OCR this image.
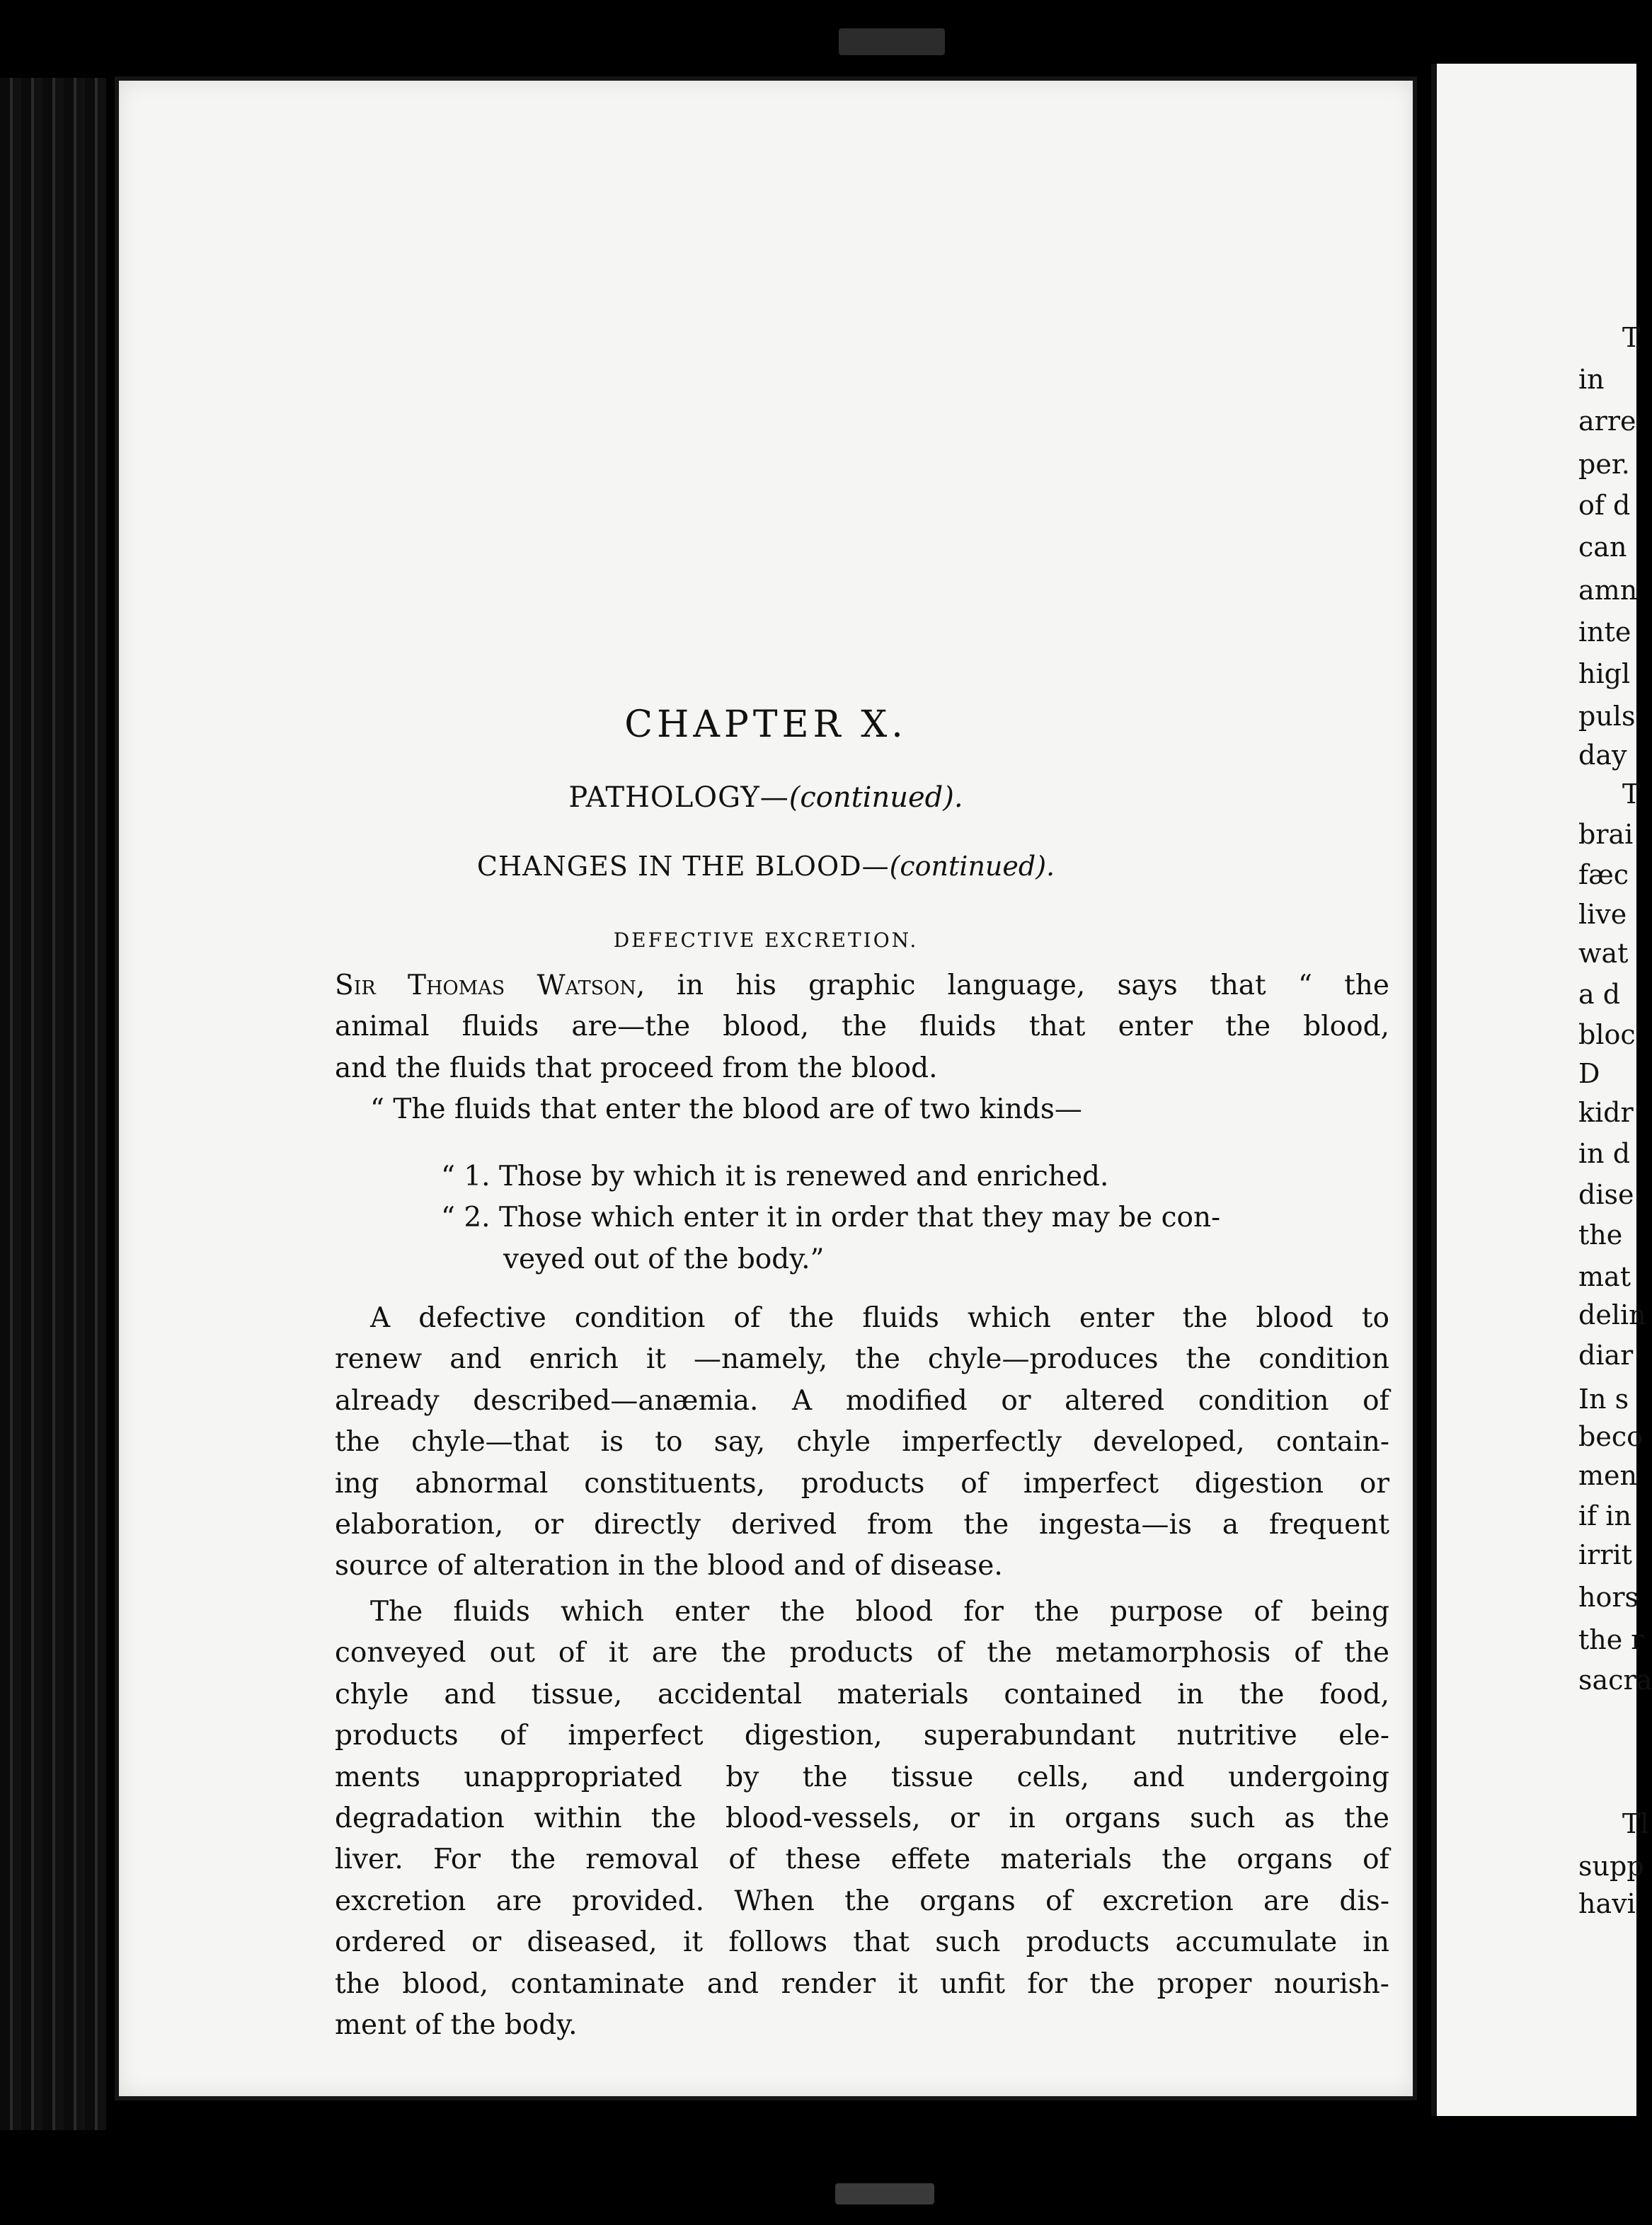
CHAPTER X.
PATHOLOGY—(continued).
CHANGES IN THE BLOOD—(continued).
DEFECTIVE EXCRETION.
Sir Thomas Watson, in his graphic language, says that “ the
animal fluids are—the blood, the fluids that enter the blood,
and the fluids that proceed from the blood.
“ The fluids that enter the blood are of two kinds—
“ 1. Those by which it is renewed and enriched.
“ 2. Those which enter it in order that they may be con-
veyed out of the body.”
A defective condition of the fluids which enter the blood to
renew and enrich it —namely, the chyle—produces the condition
already described—anæmia. A modified or altered condition of
the chyle—that is to say, chyle imperfectly developed, contain-
ing abnormal constituents, products of imperfect digestion or
elaboration, or directly derived from the ingesta—is a frequent
source of alteration in the blood and of disease.
The fluids which enter the blood for the purpose of being
conveyed out of it are the products of the metamorphosis of the
chyle and tissue, accidental materials contained in the food,
products of imperfect digestion, superabundant nutritive ele-
ments unappropriated by the tissue cells, and undergoing
degradation within the blood-vessels, or in organs such as the
liver. For the removal of these effete materials the organs of
excretion are provided. When the organs of excretion are dis-
ordered or diseased, it follows that such products accumulate in
the blood, contaminate and render it unfit for the proper nourish-
ment of the body.
T
in
arre
per.
of d
can
amn
inte
higl
puls
day
T
brai
fæc
live
wat
a d
bloc
D
kidr
in d
dise
the
mat
delin
diar
In s
beco
men
if in
irrit
hors
the r
sacra
Tl
supp
havi
